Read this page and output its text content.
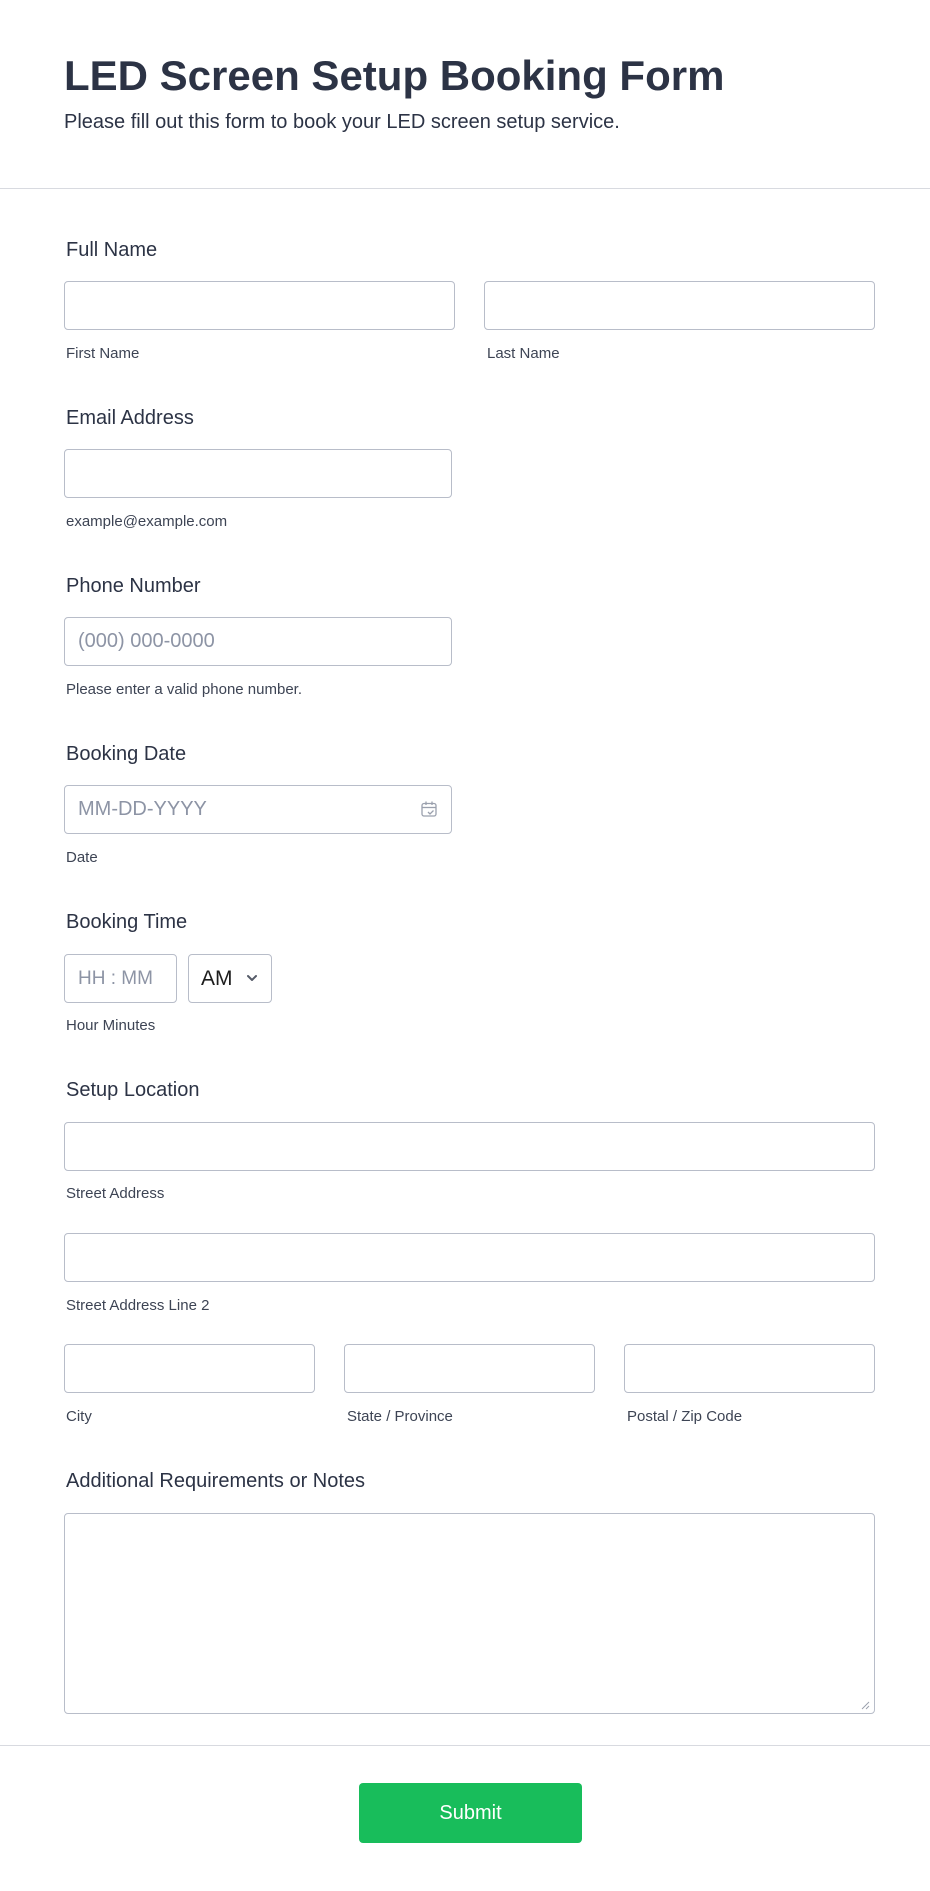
LED Screen Setup Booking Form
Please fill out this form to book your LED screen setup service.
Full Name
First Name	Last Name
Email Address
example@example.com
Phone Number
(000) 000-0000
Please enter a valid phone number.
Booking Date
MM-DD-YYYY
Date
Booking Time
HH : MM
AM
Hour Minutes
Setup Location
Street Address
Street Address Line 2
City	State / Province	Postal / Zip Code
Additional Requirements or Notes
Submit
